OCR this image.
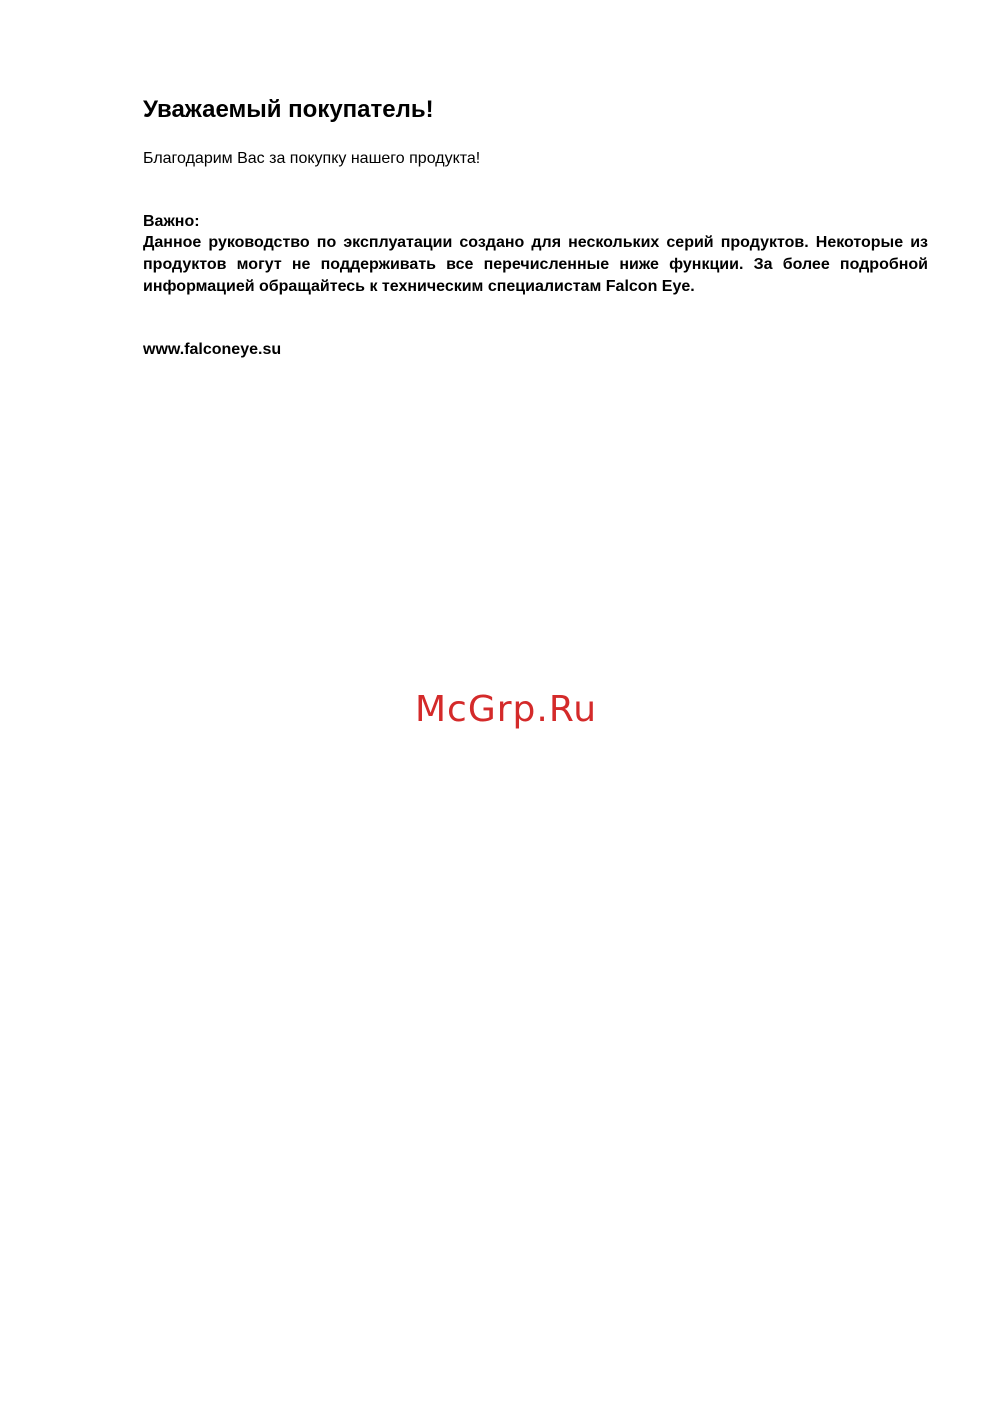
Уважаемый покупатель!

Благодарим Вас за покупку нашего продукта!

Важно:

Данное руководство по эксплуатации создано для нескольких серий продуктов. Некоторые из продуктов могут не поддерживать все перечисленные ниже функции. За более подробной информацией обращайтесь к техническим специалистам Falcon Eye.

www.falconeye.su

McGrp.Ru
